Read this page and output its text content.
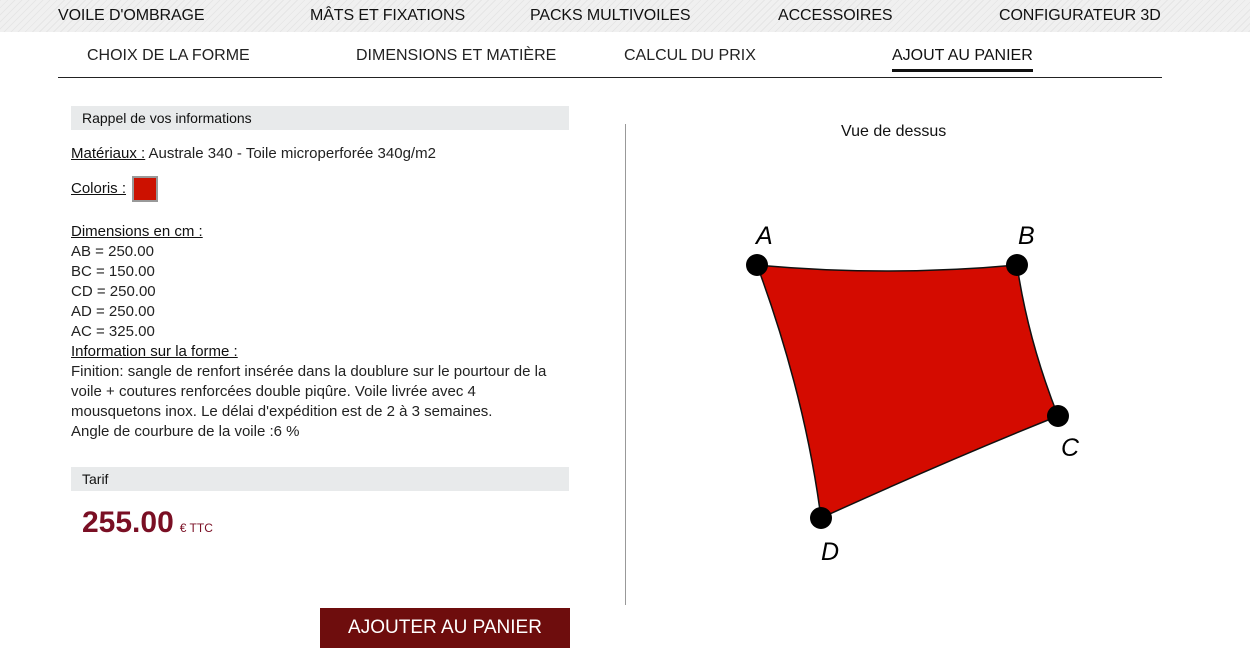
VOILE D'OMBRAGE	MÂTS ET FIXATIONS	PACKS MULTIVOILES	ACCESSOIRES	CONFIGURATEUR 3D
CHOIX DE LA FORME	DIMENSIONS ET MATIÈRE	CALCUL DU PRIX	AJOUT AU PANIER
Rappel de vos informations
Matériaux : Australe 340 - Toile microperforée 340g/m2
Coloris :
Dimensions en cm :
AB = 250.00
BC = 150.00
CD = 250.00
AD = 250.00
AC = 325.00
Information sur la forme :
Finition: sangle de renfort insérée dans la doublure sur le pourtour de la voile + coutures renforcées double piqûre. Voile livrée avec 4 mousquetons inox. Le délai d'expédition est de 2 à 3 semaines.
Angle de courbure de la voile :6 %
Tarif
255.00 € TTC
Vue de dessus
A	B
C
D
AJOUTER AU PANIER
